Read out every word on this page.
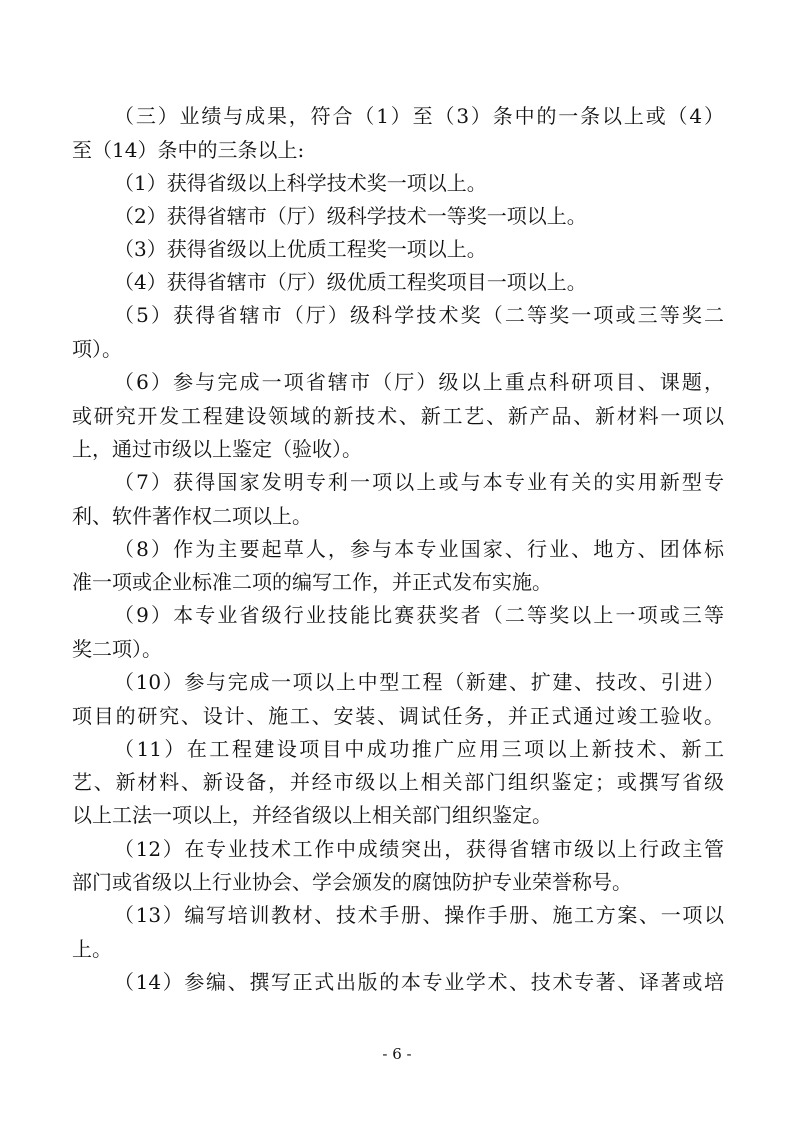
（三）业绩与成果，符合（1）至（3）条中的一条以上或（4）
至（14）条中的三条以上:
（1）获得省级以上科学技术奖一项以上。
（2）获得省辖市（厅）级科学技术一等奖一项以上。
（3）获得省级以上优质工程奖一项以上。
（4）获得省辖市（厅）级优质工程奖项目一项以上。
（5）获得省辖市（厅）级科学技术奖（二等奖一项或三等奖二
项）。
（6）参与完成一项省辖市（厅）级以上重点科研项目、课题，
或研究开发工程建设领域的新技术、新工艺、新产品、新材料一项以
上，通过市级以上鉴定（验收）。
（7）获得国家发明专利一项以上或与本专业有关的实用新型专
利、软件著作权二项以上。
（8）作为主要起草人，参与本专业国家、行业、地方、团体标
准一项或企业标准二项的编写工作，并正式发布实施。
（9）本专业省级行业技能比赛获奖者（二等奖以上一项或三等
奖二项）。
（10）参与完成一项以上中型工程（新建、扩建、技改、引进）
项目的研究、设计、施工、安装、调试任务，并正式通过竣工验收。
（11）在工程建设项目中成功推广应用三项以上新技术、新工
艺、新材料、新设备，并经市级以上相关部门组织鉴定；或撰写省级
以上工法一项以上，并经省级以上相关部门组织鉴定。
（12）在专业技术工作中成绩突出，获得省辖市级以上行政主管
部门或省级以上行业协会、学会颁发的腐蚀防护专业荣誉称号。
（13）编写培训教材、技术手册、操作手册、施工方案、一项以
上。
（14）参编、撰写正式出版的本专业学术、技术专著、译著或培
- 6 -
